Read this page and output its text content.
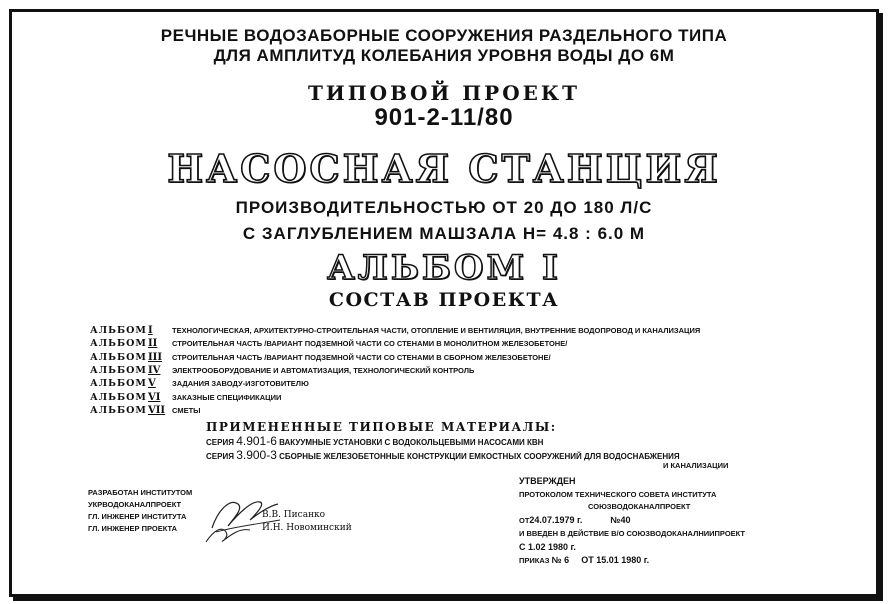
РЕЧНЫЕ ВОДОЗАБОРНЫЕ СООРУЖЕНИЯ РАЗДЕЛЬНОГО ТИПА
ДЛЯ АМПЛИТУД КОЛЕБАНИЯ УРОВНЯ ВОДЫ ДО 6М
ТИПОВОЙ ПРОЕКТ
901-2-11/80
НАСОСНАЯ СТАНЦИЯ
ПРОИЗВОДИТЕЛЬНОСТЬЮ ОТ 20 ДО 180 Л/С
С ЗАГЛУБЛЕНИЕМ МАШЗАЛА Н= 4.8 : 6.0 М
АЛЬБОМ I
СОСТАВ ПРОЕКТА
АЛЬБОМ I	ТЕХНОЛОГИЧЕСКАЯ, АРХИТЕКТУРНО-СТРОИТЕЛЬНАЯ ЧАСТИ, ОТОПЛЕНИЕ И ВЕНТИЛЯЦИЯ, ВНУТРЕННИЕ ВОДОПРОВОД И КАНАЛИЗАЦИЯ
АЛЬБОМ II	СТРОИТЕЛЬНАЯ ЧАСТЬ /ВАРИАНТ ПОДЗЕМНОЙ ЧАСТИ СО СТЕНАМИ В МОНОЛИТНОМ ЖЕЛЕЗОБЕТОНЕ/
АЛЬБОМ III	СТРОИТЕЛЬНАЯ ЧАСТЬ /ВАРИАНТ ПОДЗЕМНОЙ ЧАСТИ СО СТЕНАМИ В СБОРНОМ ЖЕЛЕЗОБЕТОНЕ/
АЛЬБОМ IV	ЭЛЕКТРООБОРУДОВАНИЕ И АВТОМАТИЗАЦИЯ, ТЕХНОЛОГИЧЕСКИЙ КОНТРОЛЬ
АЛЬБОМ V	ЗАДАНИЯ ЗАВОДУ-ИЗГОТОВИТЕЛЮ
АЛЬБОМ VI	ЗАКАЗНЫЕ СПЕЦИФИКАЦИИ
АЛЬБОМ VII СМЕТЫ
ПРИМЕНЕННЫЕ ТИПОВЫЕ МАТЕРИАЛЫ:
СЕРИЯ 4.901-6 ВАКУУМНЫЕ УСТАНОВКИ С ВОДОКОЛЬЦЕВЫМИ НАСОСАМИ КВН
СЕРИЯ 3.900-3 СБОРНЫЕ ЖЕЛЕЗОБЕТОННЫЕ КОНСТРУКЦИИ ЕМКОСТНЫХ СООРУЖЕНИЙ ДЛЯ ВОДОСНАБЖЕНИЯ
И КАНАЛИЗАЦИИ
РАЗРАБОТАН ИНСТИТУТОМ
УКРВОДОКАНАЛПРОЕКТ
ГЛ. ИНЖЕНЕР ИНСТИТУТА
ГЛ. ИНЖЕНЕР ПРОЕКТА
В.В. Писанко
И.Н. Новоминский
УТВЕРЖДЕН
ПРОТОКОЛОМ ТЕХНИЧЕСКОГО СОВЕТА ИНСТИТУТА
СОЮЗВОДОКАНАЛПРОЕКТ
ОТ24.07.1979 г.	№40
И ВВЕДЕН В ДЕЙСТВИЕ В/О СОЮЗВОДОКАНАЛНИИПРОЕКТ
С 1.02 1980 г.
ПРИКАЗ № 6 ОТ 15.01 1980 г.
